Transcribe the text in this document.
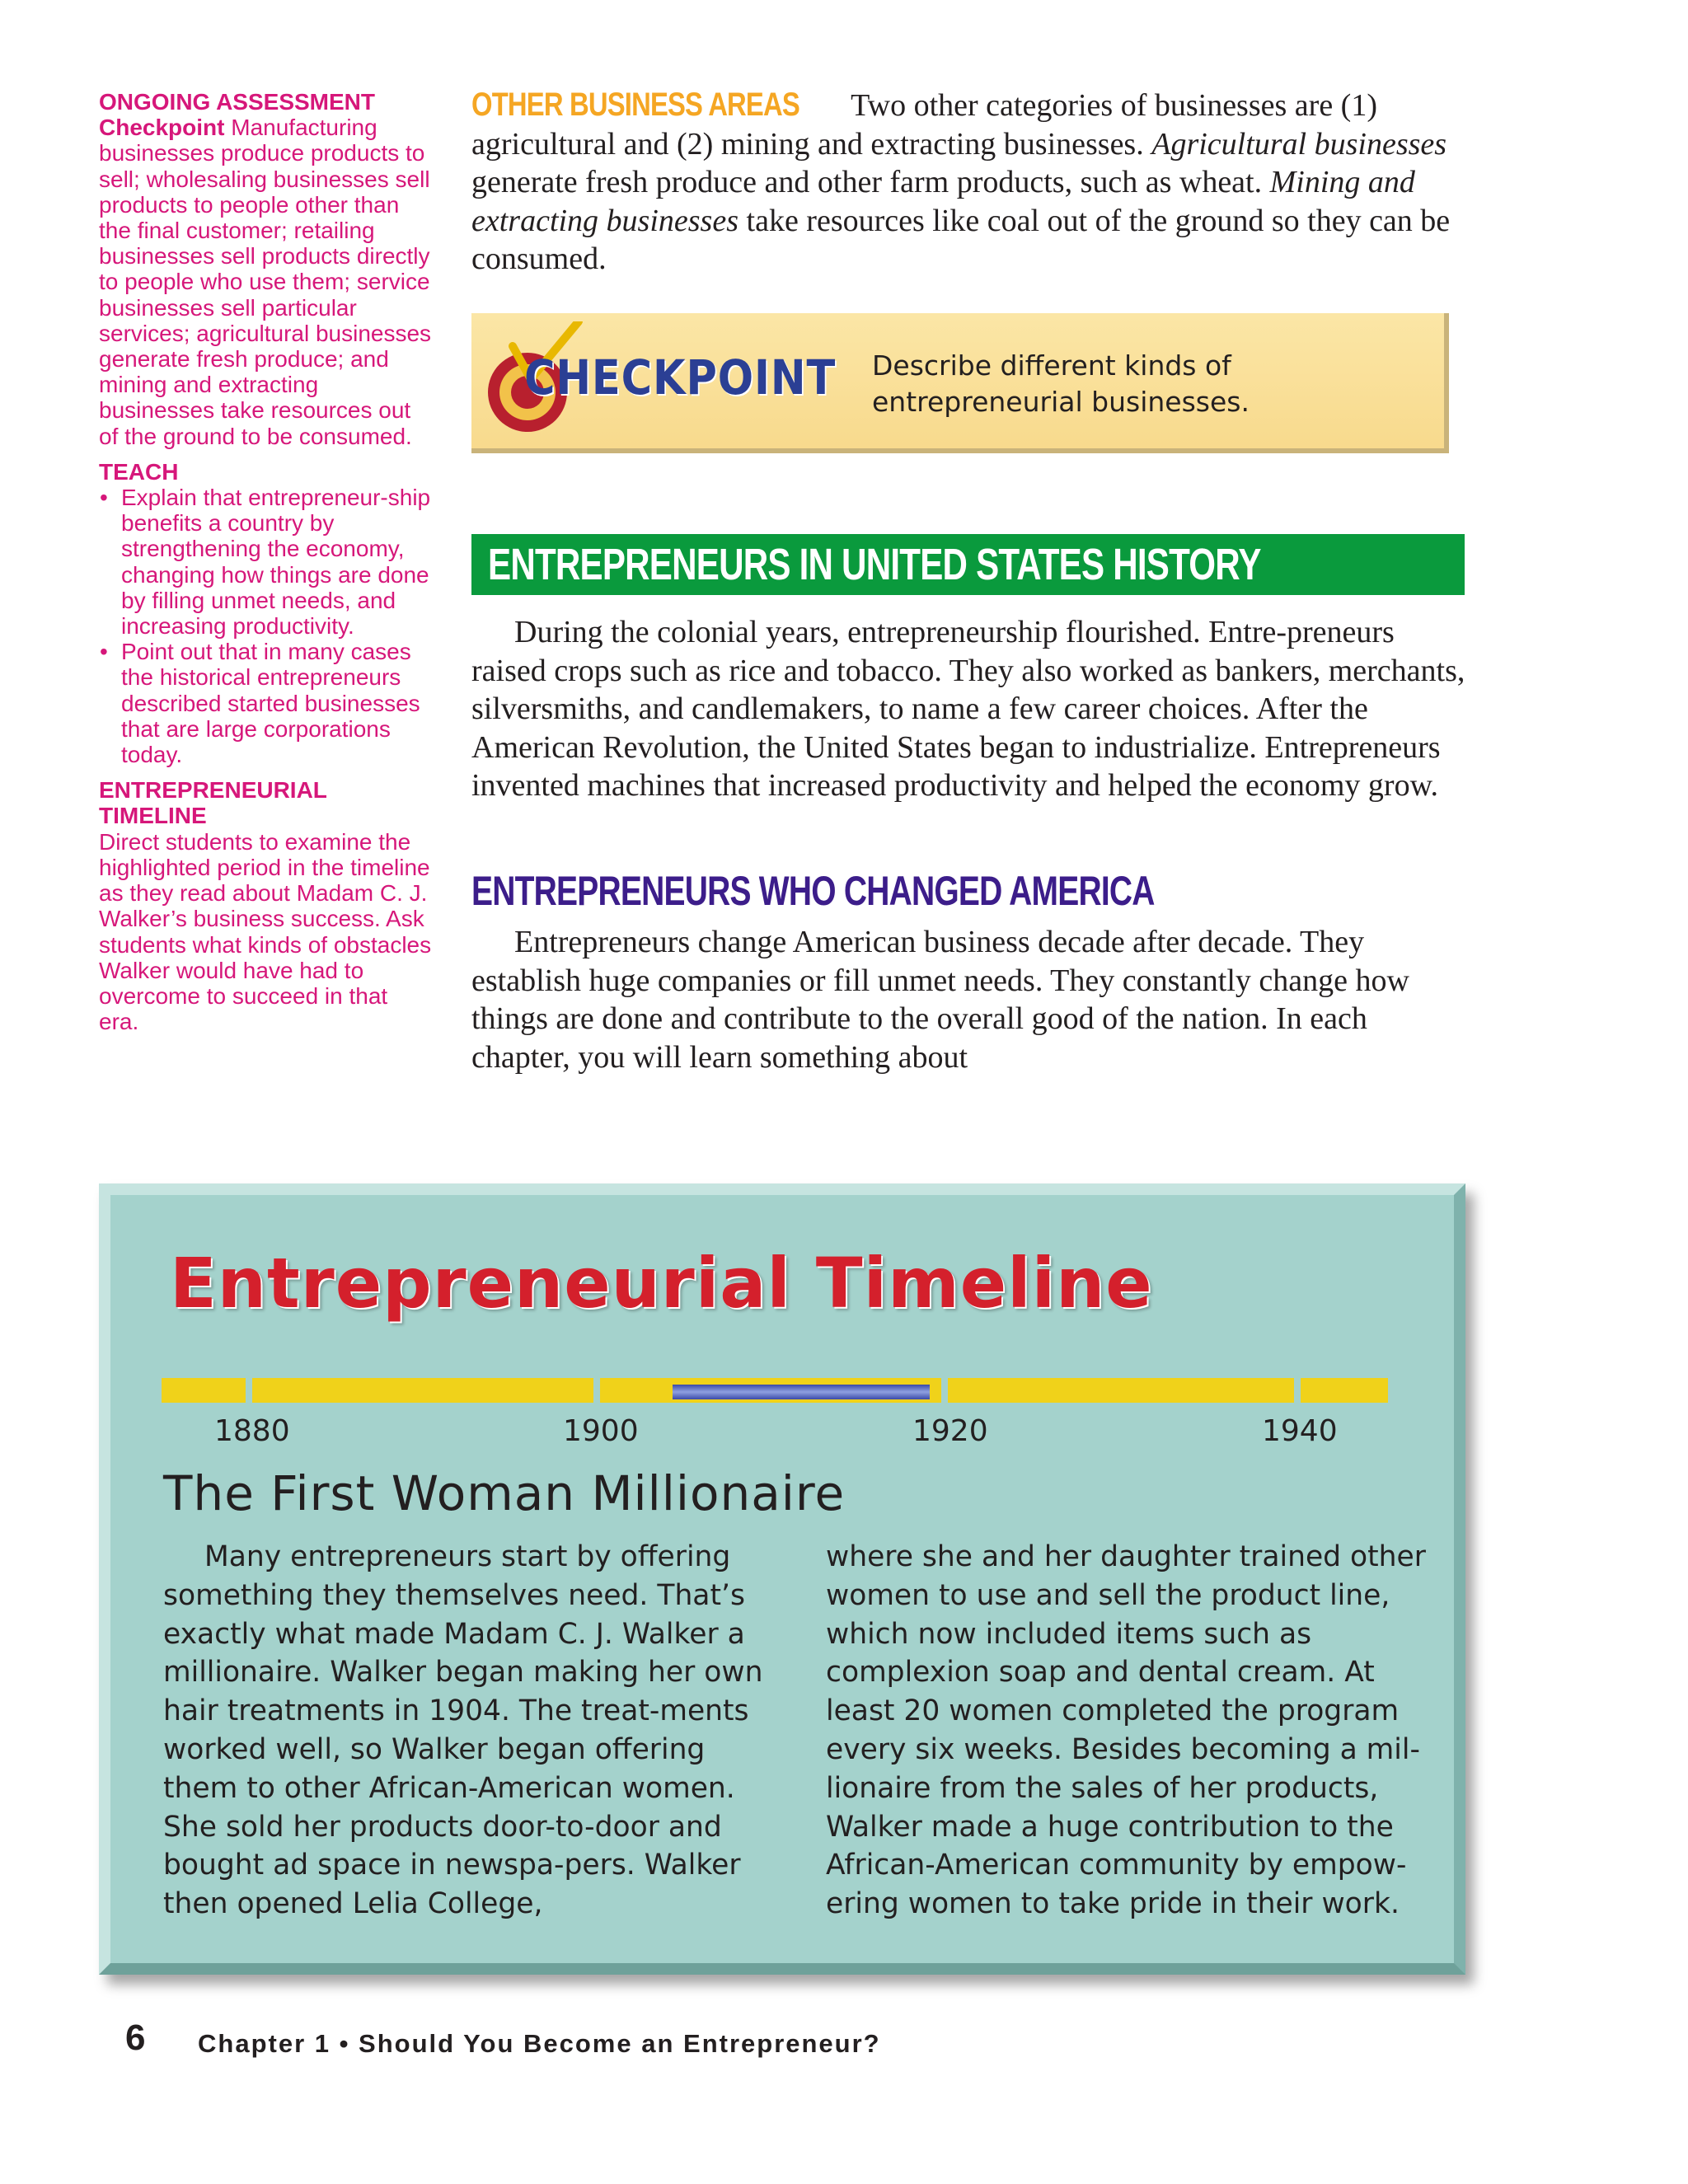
ONGOING ASSESSMENT
Checkpoint Manufacturing businesses produce products to sell; wholesaling businesses sell products to people other than the final customer; retailing businesses sell products directly to people who use them; service businesses sell particular services; agricultural businesses generate fresh produce; and mining and extracting businesses take resources out of the ground to be consumed.
TEACH
• Explain that entrepreneur-ship benefits a country by strengthening the economy, changing how things are done by filling unmet needs, and increasing productivity.
• Point out that in many cases the historical entrepreneurs described started businesses that are large corporations today.
ENTREPRENEURIAL TIMELINE
Direct students to examine the highlighted period in the timeline as they read about Madam C. J. Walker’s business success. Ask students what kinds of obstacles Walker would have had to overcome to succeed in that era.

OTHER BUSINESS AREAS Two other categories of businesses are (1) agricultural and (2) mining and extracting businesses. Agricultural businesses generate fresh produce and other farm products, such as wheat. Mining and extracting businesses take resources like coal out of the ground so they can be consumed.

CHECKPOINT Describe different kinds of entrepreneurial businesses.
ENTREPRENEURS IN UNITED STATES HISTORY

During the colonial years, entrepreneurship flourished. Entre-preneurs raised crops such as rice and tobacco. They also worked as bankers, merchants, silversmiths, and candlemakers, to name a few career choices. After the American Revolution, the United States began to industrialize. Entrepreneurs invented machines that increased productivity and helped the economy grow.

ENTREPRENEURS WHO CHANGED AMERICA

Entrepreneurs change American business decade after decade. They establish huge companies or fill unmet needs. They constantly change how things are done and contribute to the overall good of the nation. In each chapter, you will learn something about

Entrepreneurial Timeline
1880	1900	1920	1940
The First Woman Millionaire
Many entrepreneurs start by offering something they themselves need. That’s exactly what made Madam C. J. Walker a millionaire. Walker began making her own hair treatments in 1904. The treat-ments worked well, so Walker began offering them to other African-American women. She sold her products door-to-door and bought ad space in newspa-pers. Walker then opened Lelia College,
where she and her daughter trained other women to use and sell the product line, which now included items such as complexion soap and dental cream. At least 20 women completed the program every six weeks. Besides becoming a mil-lionaire from the sales of her products, Walker made a huge contribution to the African-American community by empow-ering women to take pride in their work.
6 Chapter 1 • Should You Become an Entrepreneur?
